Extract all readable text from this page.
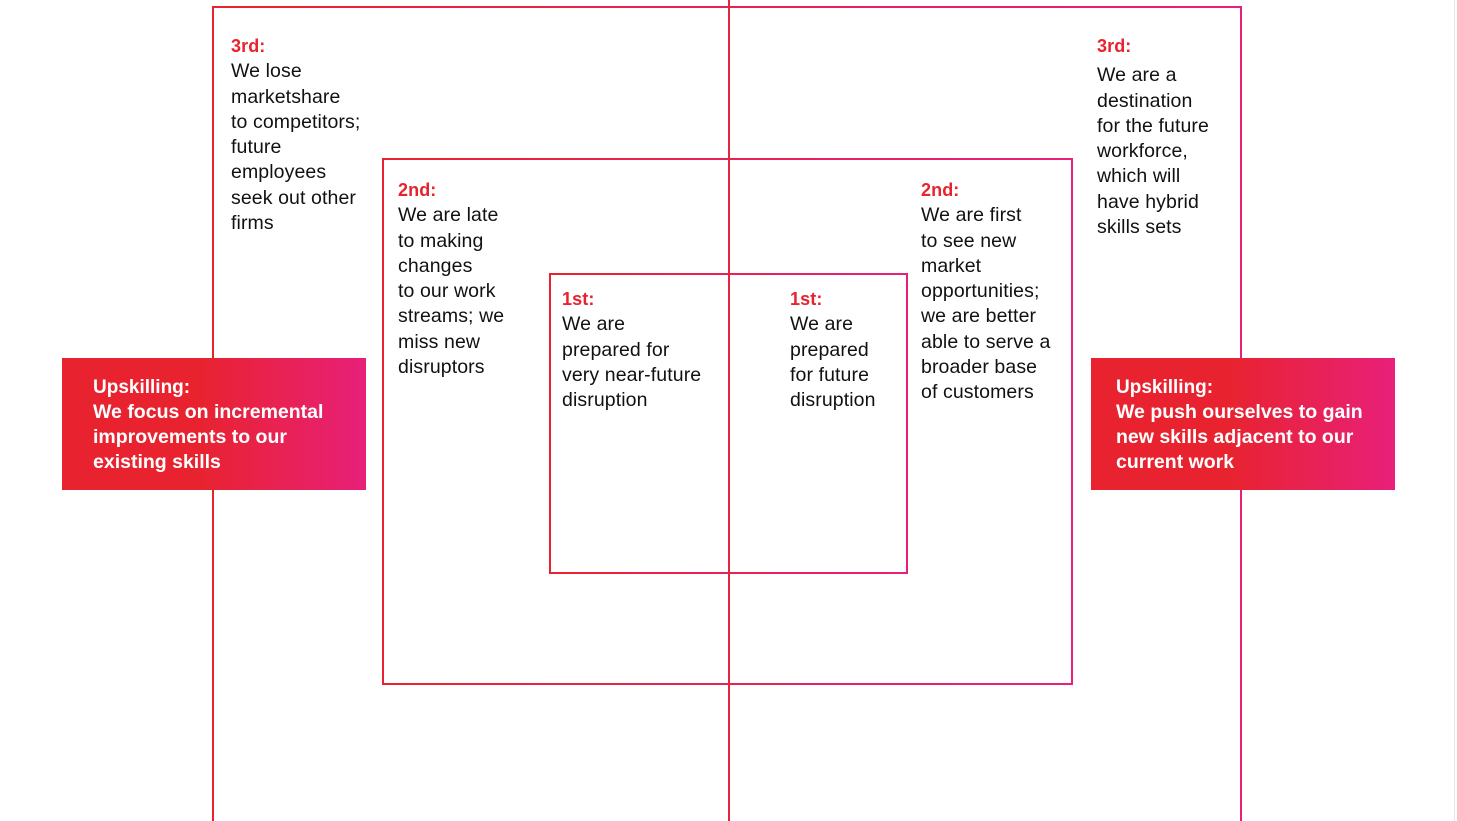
3rd:
We lose
marketshare
to competitors;
future
employees
seek out other
firms
2nd:
We are late
to making
changes
to our work
streams; we
miss new
disruptors
1st:
We are
prepared for
very near-future
disruption
1st:
We are
prepared
for future
disruption
2nd:
We are first
to see new
market
opportunities;
we are better
able to serve a
broader base
of customers
3rd:
We are a
destination
for the future
workforce,
which will
have hybrid
skills sets
Upskilling:
We focus on incremental
improvements to our
existing skills
Upskilling:
We push ourselves to gain
new skills adjacent to our
current work
